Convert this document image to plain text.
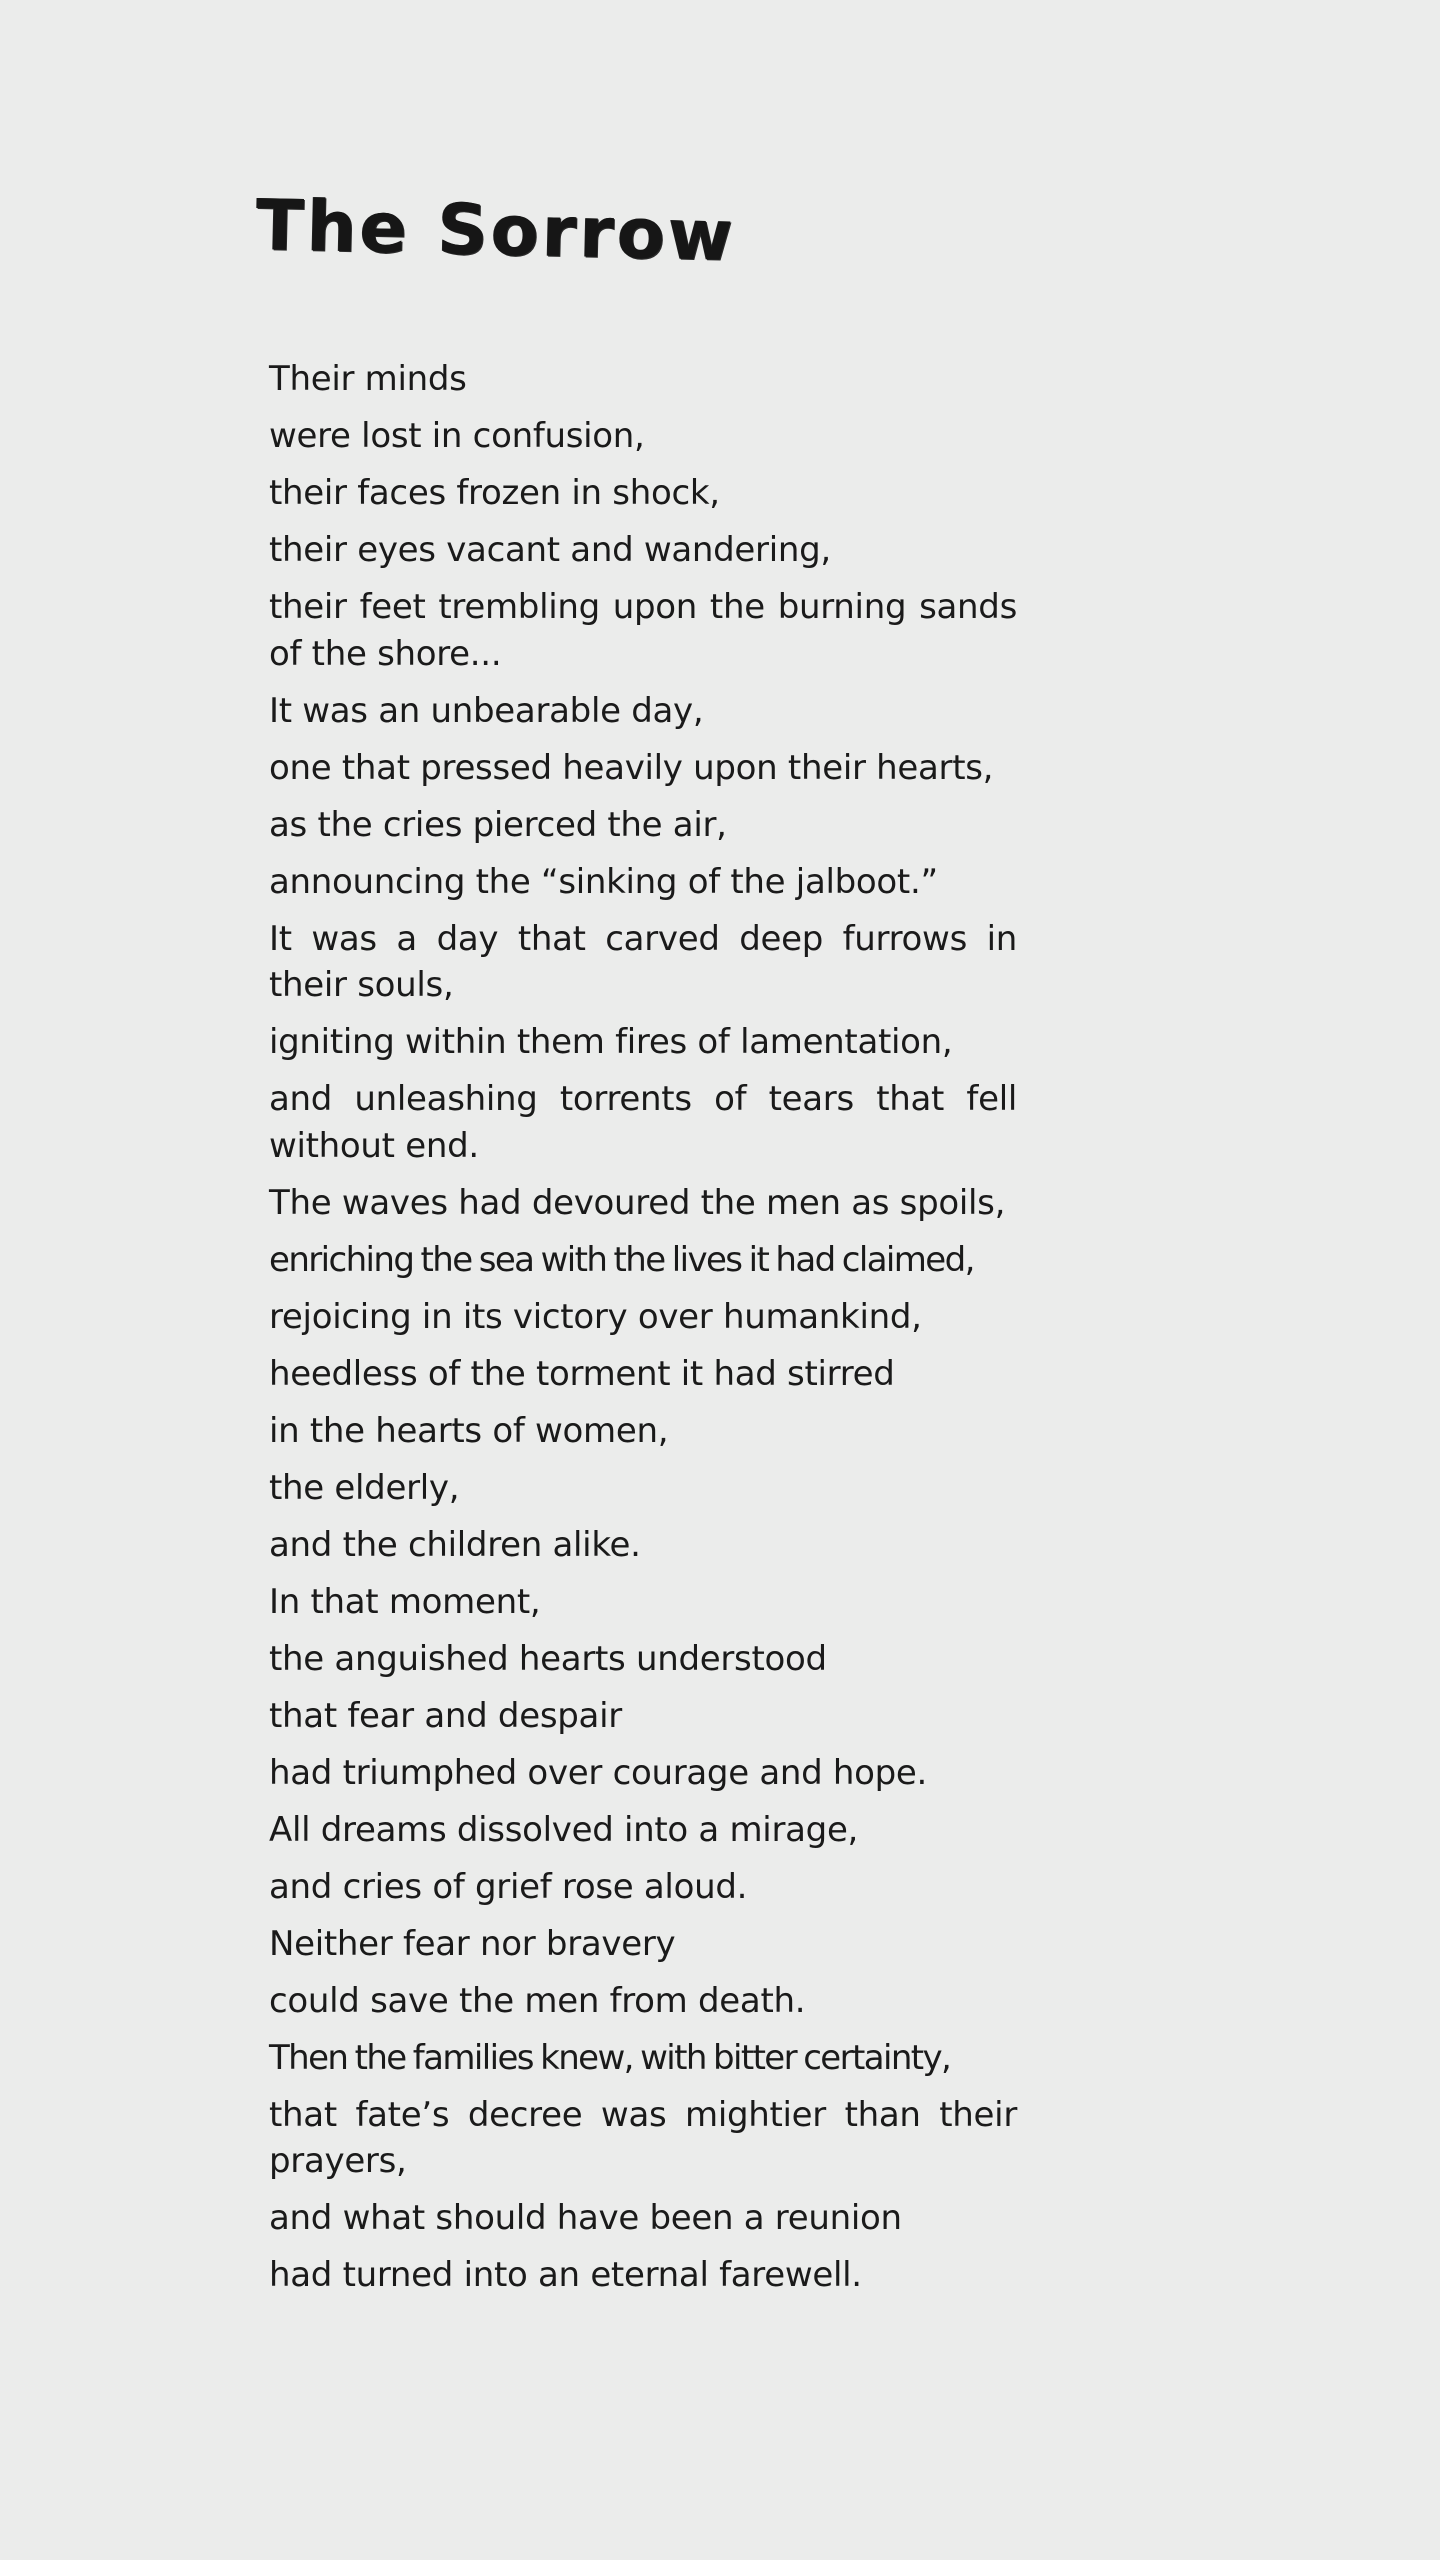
The Sorrow
Their minds
were lost in confusion,
their faces frozen in shock,
their eyes vacant and wandering,
their feet trembling upon the burning sands of the shore...
It was an unbearable day,
one that pressed heavily upon their hearts,
as the cries pierced the air,
announcing the “sinking of the jalboot.”
It was a day that carved deep furrows in their souls,
igniting within them fires of lamentation,
and unleashing torrents of tears that fell without end.
The waves had devoured the men as spoils,
enriching the sea with the lives it had claimed,
rejoicing in its victory over humankind,
heedless of the torment it had stirred
in the hearts of women,
the elderly,
and the children alike.
In that moment,
the anguished hearts understood
that fear and despair
had triumphed over courage and hope.
All dreams dissolved into a mirage,
and cries of grief rose aloud.
Neither fear nor bravery
could save the men from death.
Then the families knew, with bitter certainty,
that fate’s decree was mightier than their prayers,
and what should have been a reunion
had turned into an eternal farewell.
